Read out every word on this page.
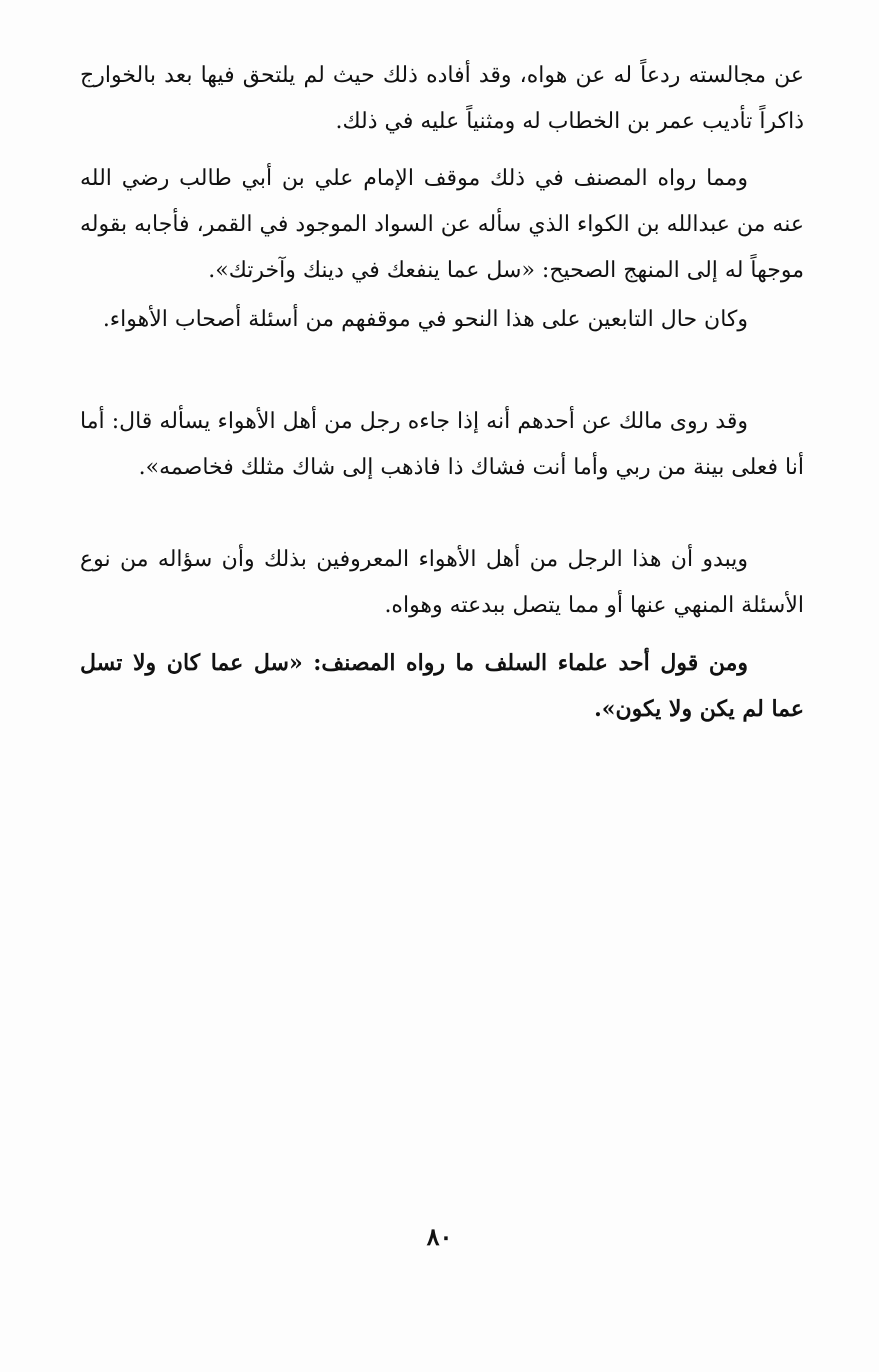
عن مجالسته ردعاً له عن هواه، وقد أفاده ذلك حيث لم يلتحق فيها بعد بالخوارج ذاكراً تأديب عمر بن الخطاب له ومثنياً عليه في ذلك.

ومما رواه المصنف في ذلك موقف الإمام علي بن أبي طالب رضي الله عنه من عبدالله بن الكواء الذي سأله عن السواد الموجود في القمر، فأجابه بقوله موجهاً له إلى المنهج الصحيح: «سل عما ينفعك في دينك وآخرتك».

وكان حال التابعين على هذا النحو في موقفهم من أسئلة أصحاب الأهواء.

وقد روى مالك عن أحدهم أنه إذا جاءه رجل من أهل الأهواء يسأله قال: أما أنا فعلى بينة من ربي وأما أنت فشاك ذا فاذهب إلى شاك مثلك فخاصمه».

ويبدو أن هذا الرجل من أهل الأهواء المعروفين بذلك وأن سؤاله من نوع الأسئلة المنهي عنها أو مما يتصل ببدعته وهواه.

ومن قول أحد علماء السلف ما رواه المصنف: «سل عما كان ولا تسل عما لم يكن ولا يكون».

٨٠
